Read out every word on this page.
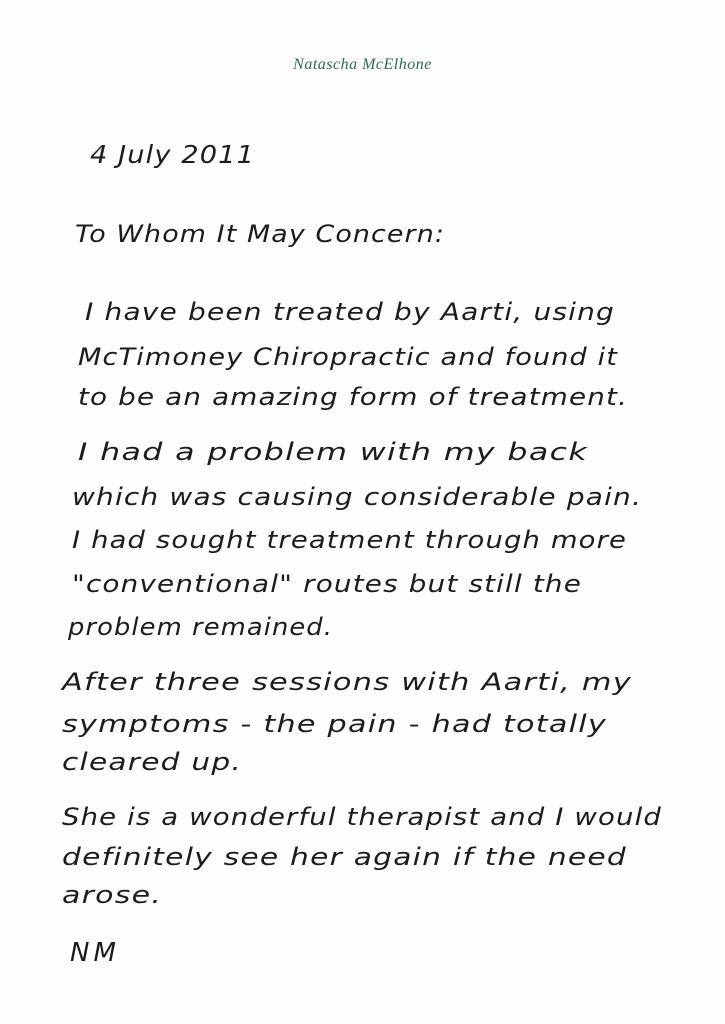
Natascha McElhone
4 July 2011
To Whom It May Concern:
I have been treated by Aarti, using
McTimoney Chiropractic and found it
to be an amazing form of treatment.
I had a problem with my back
which was causing considerable pain.
I had sought treatment through more
"conventional" routes but still the
problem remained.
After three sessions with Aarti, my
symptoms - the pain - had totally
cleared up.
She is a wonderful therapist and I would
definitely see her again if the need
arose.
NM
